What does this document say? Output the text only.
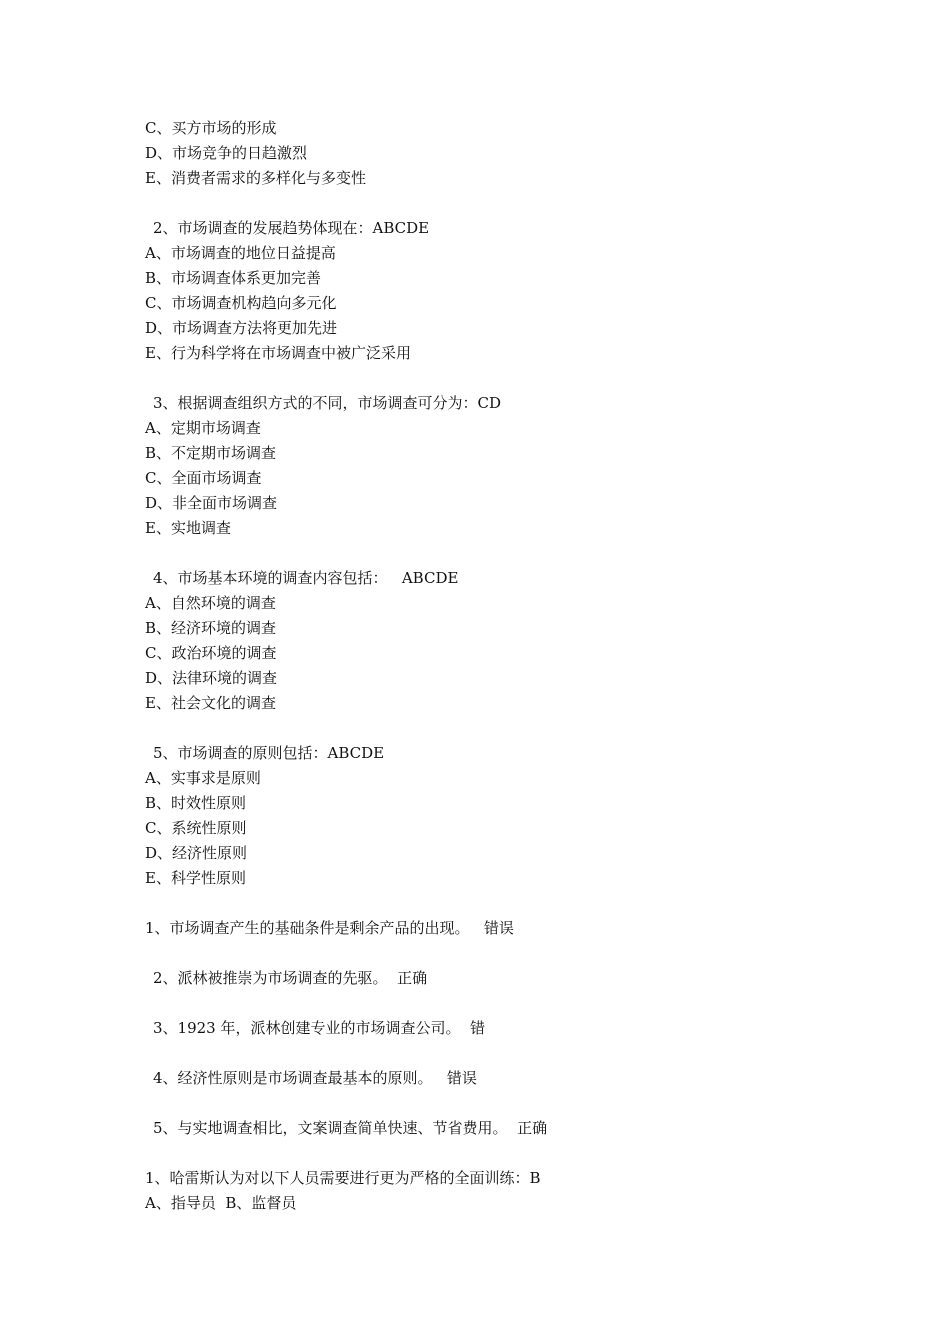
C、买方市场的形成

D、市场竞争的日趋激烈

E、消费者需求的多样化与多变性

2、市场调查的发展趋势体现在：ABCDE

A、市场调查的地位日益提高

B、市场调查体系更加完善

C、市场调查机构趋向多元化

D、市场调查方法将更加先进

E、行为科学将在市场调查中被广泛采用

3、根据调查组织方式的不同，市场调查可分为：CD

A、定期市场调查

B、不定期市场调查

C、全面市场调查

D、非全面市场调查

E、实地调查

4、市场基本环境的调查内容包括：   ABCDE

A、自然环境的调查

B、经济环境的调查

C、政治环境的调查

D、法律环境的调查

E、社会文化的调查

5、市场调查的原则包括：ABCDE

A、实事求是原则

B、时效性原则

C、系统性原则

D、经济性原则

E、科学性原则

1、市场调查产生的基础条件是剩余产品的出现。   错误

2、派林被推崇为市场调查的先驱。  正确

3、1923 年，派林创建专业的市场调查公司。  错

4、经济性原则是市场调查最基本的原则。   错误

5、与实地调查相比，文案调查简单快速、节省费用。  正确

1、哈雷斯认为对以下人员需要进行更为严格的全面训练：B

A、指导员  B、监督员
